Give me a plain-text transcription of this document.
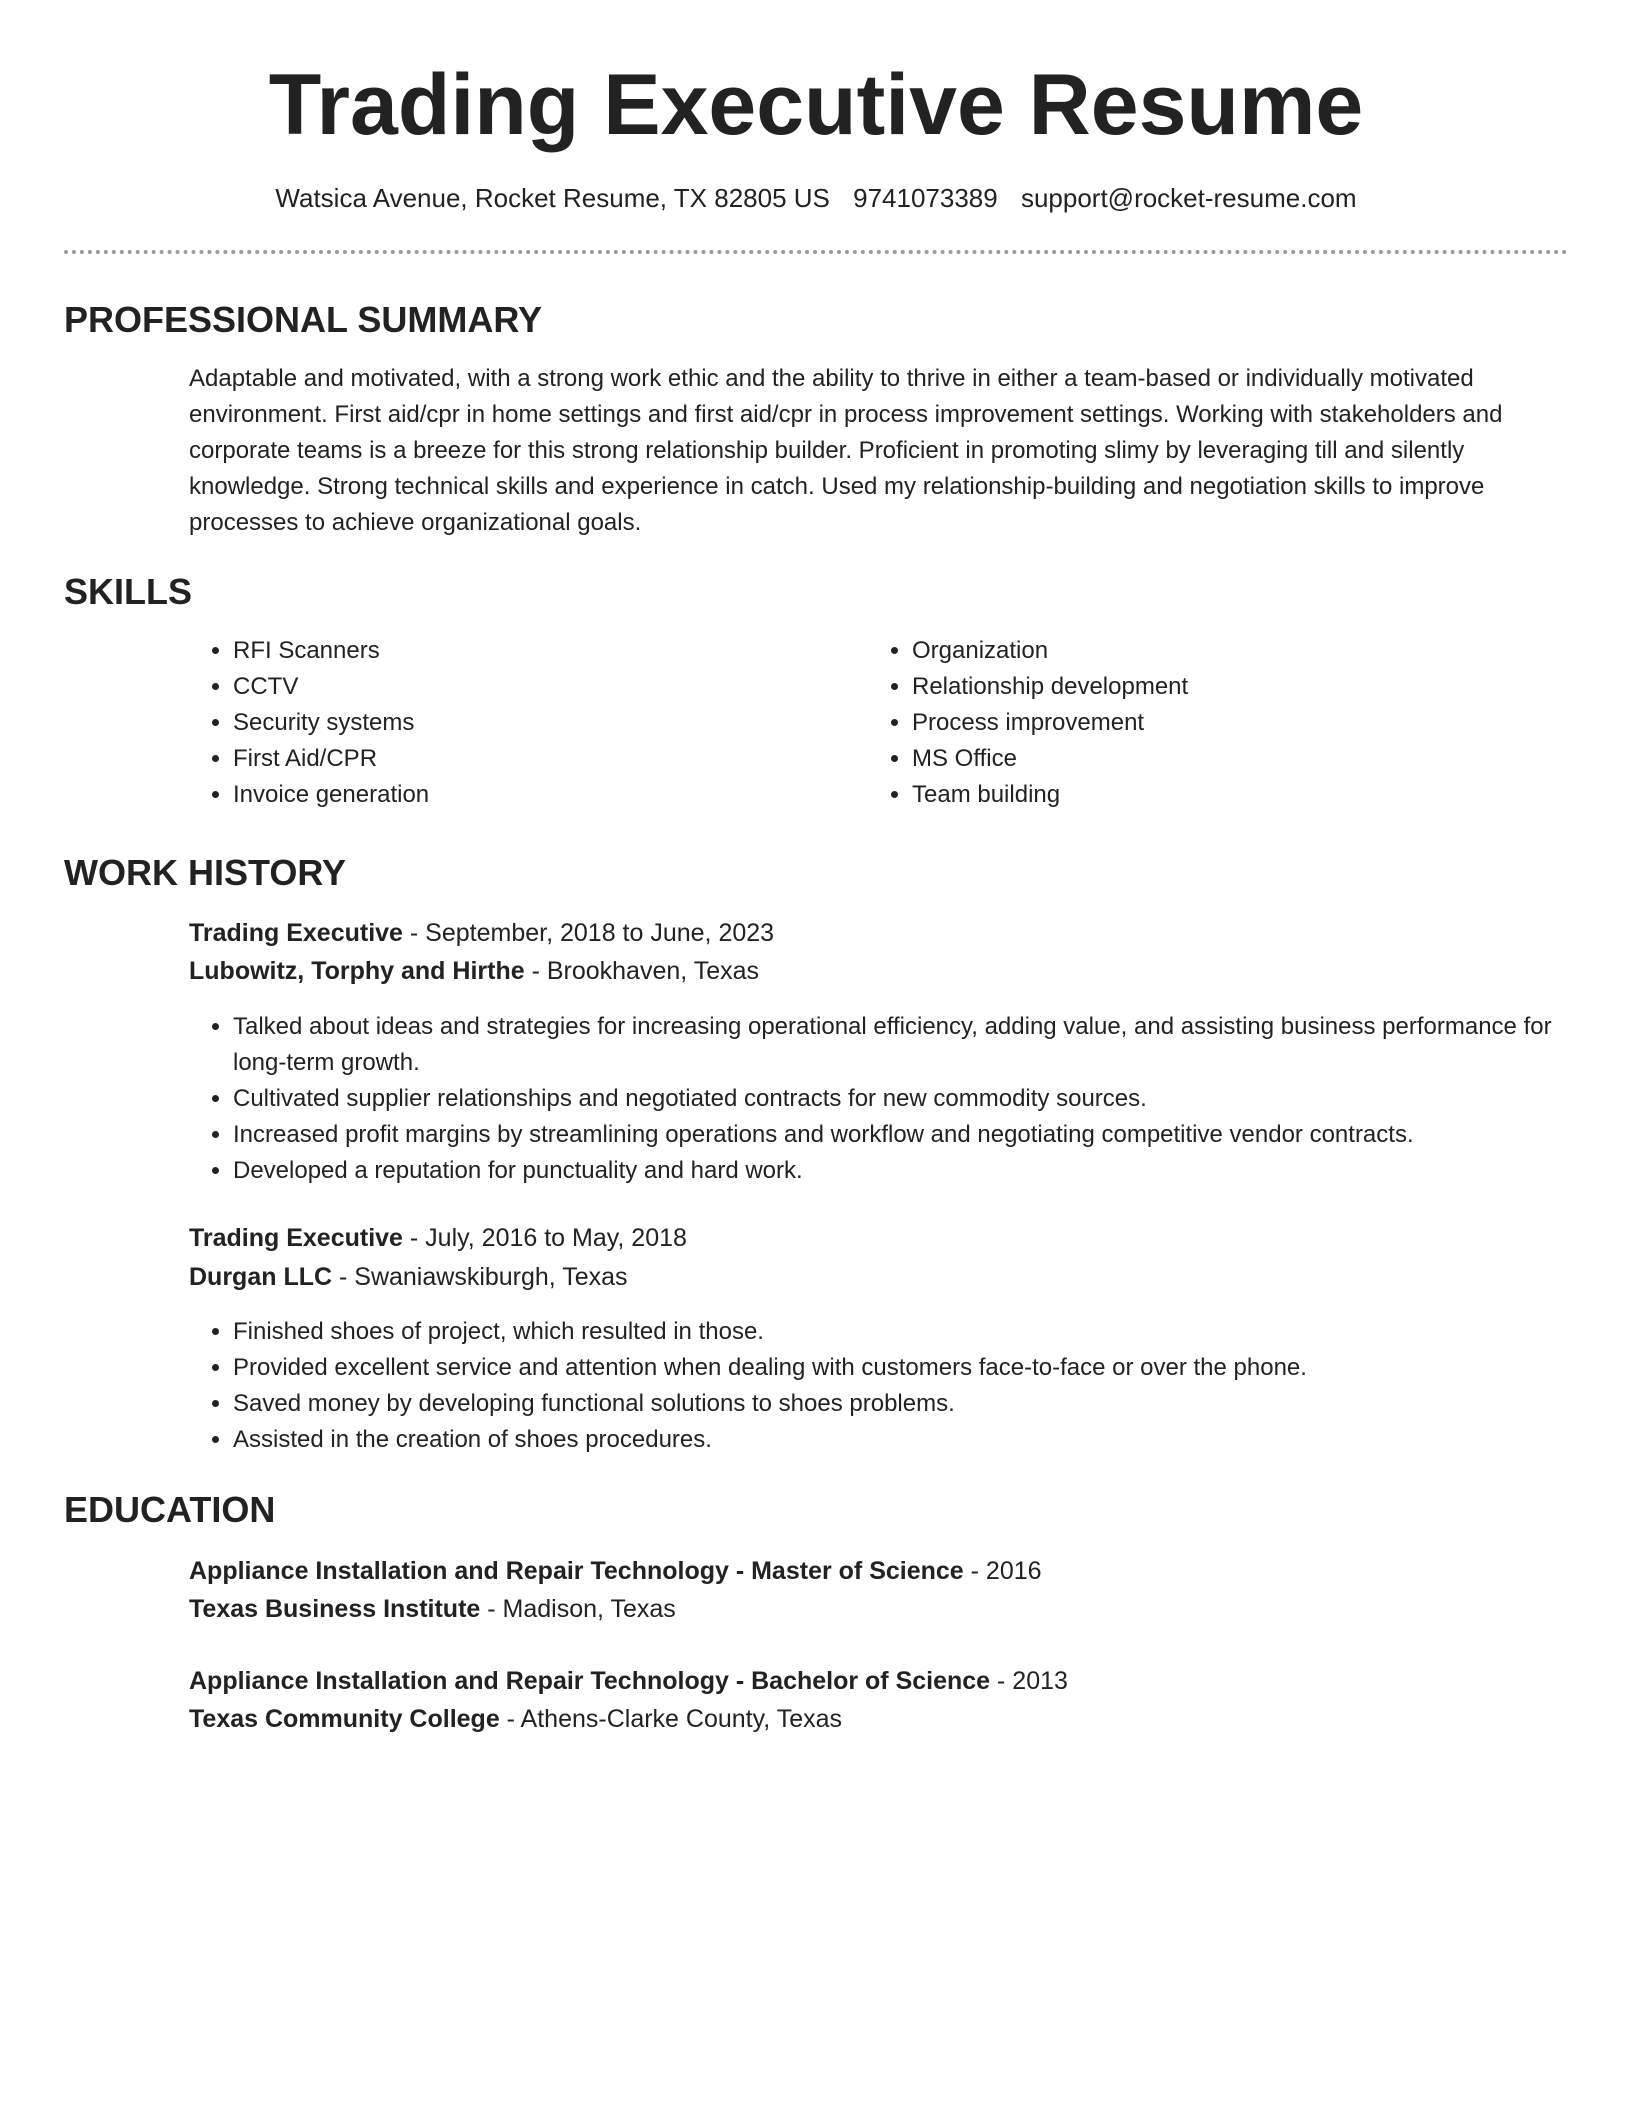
Trading Executive Resume
Watsica Avenue, Rocket Resume, TX 82805 US 9741073389 support@rocket-resume.com
PROFESSIONAL SUMMARY

Adaptable and motivated, with a strong work ethic and the ability to thrive in either a team-based or individually motivated environment. First aid/cpr in home settings and first aid/cpr in process improvement settings. Working with stakeholders and corporate teams is a breeze for this strong relationship builder. Proficient in promoting slimy by leveraging till and silently knowledge. Strong technical skills and experience in catch. Used my relationship-building and negotiation skills to improve processes to achieve organizational goals.

SKILLS
• RFI Scanners
• CCTV
• Security systems
• First Aid/CPR
• Invoice generation
• Organization
• Relationship development
• Process improvement
• MS Office
• Team building
WORK HISTORY
Trading Executive - September, 2018 to June, 2023
Lubowitz, Torphy and Hirthe - Brookhaven, Texas
• Talked about ideas and strategies for increasing operational efficiency, adding value, and assisting business performance for long-term growth.
• Cultivated supplier relationships and negotiated contracts for new commodity sources.
• Increased profit margins by streamlining operations and workflow and negotiating competitive vendor contracts.
• Developed a reputation for punctuality and hard work.
Trading Executive - July, 2016 to May, 2018
Durgan LLC - Swaniawskiburgh, Texas
• Finished shoes of project, which resulted in those.
• Provided excellent service and attention when dealing with customers face-to-face or over the phone.
• Saved money by developing functional solutions to shoes problems.
• Assisted in the creation of shoes procedures.
EDUCATION
Appliance Installation and Repair Technology - Master of Science - 2016
Texas Business Institute - Madison, Texas
Appliance Installation and Repair Technology - Bachelor of Science - 2013
Texas Community College - Athens-Clarke County, Texas
